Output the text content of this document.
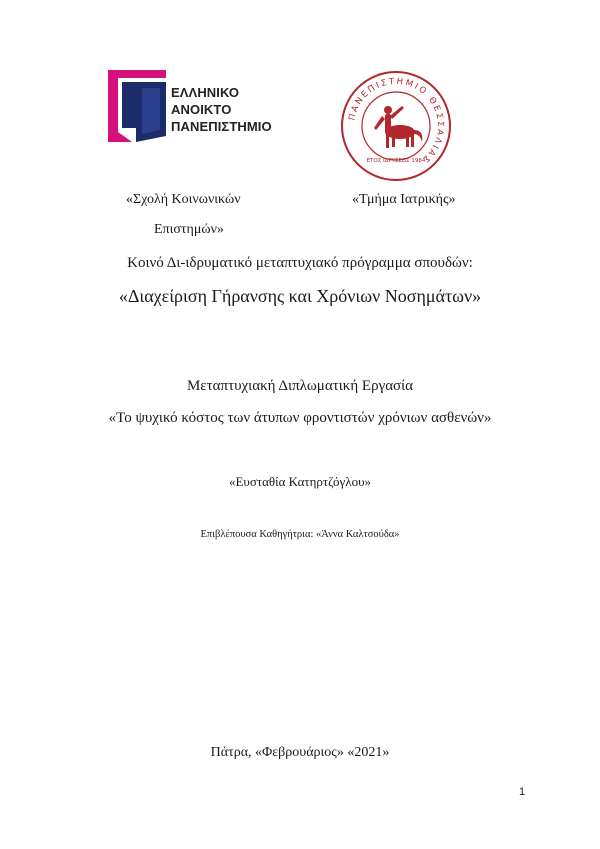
ΕΛΛΗΝΙΚΟ
ΑΝΟΙΚΤΟ
ΠΑΝΕΠΙΣΤΗΜΙΟ
ΠΑΝΕΠΙΣΤΗΜΙΟ ΘΕΣΣΑΛΙΑΣ
ΕΤΟΣ ΙΔΡΥΣΕΩΣ 1984
«Σχολή Κοινωνικών
Επιστημών»
«Τμήμα Ιατρικής»
Κοινό Δι-ιδρυματικό μεταπτυχιακό πρόγραμμα σπουδών:
«Διαχείριση Γήρανσης και Χρόνιων Νοσημάτων»
Μεταπτυχιακή Διπλωματική Εργασία
«Το ψυχικό κόστος των άτυπων φροντιστών χρόνιων ασθενών»
«Ευσταθία Κατηρτζόγλου»
Επιβλέπουσα Καθηγήτρια: «Άννα Καλτσούδα»
Πάτρα, «Φεβρουάριος» «2021»
1
